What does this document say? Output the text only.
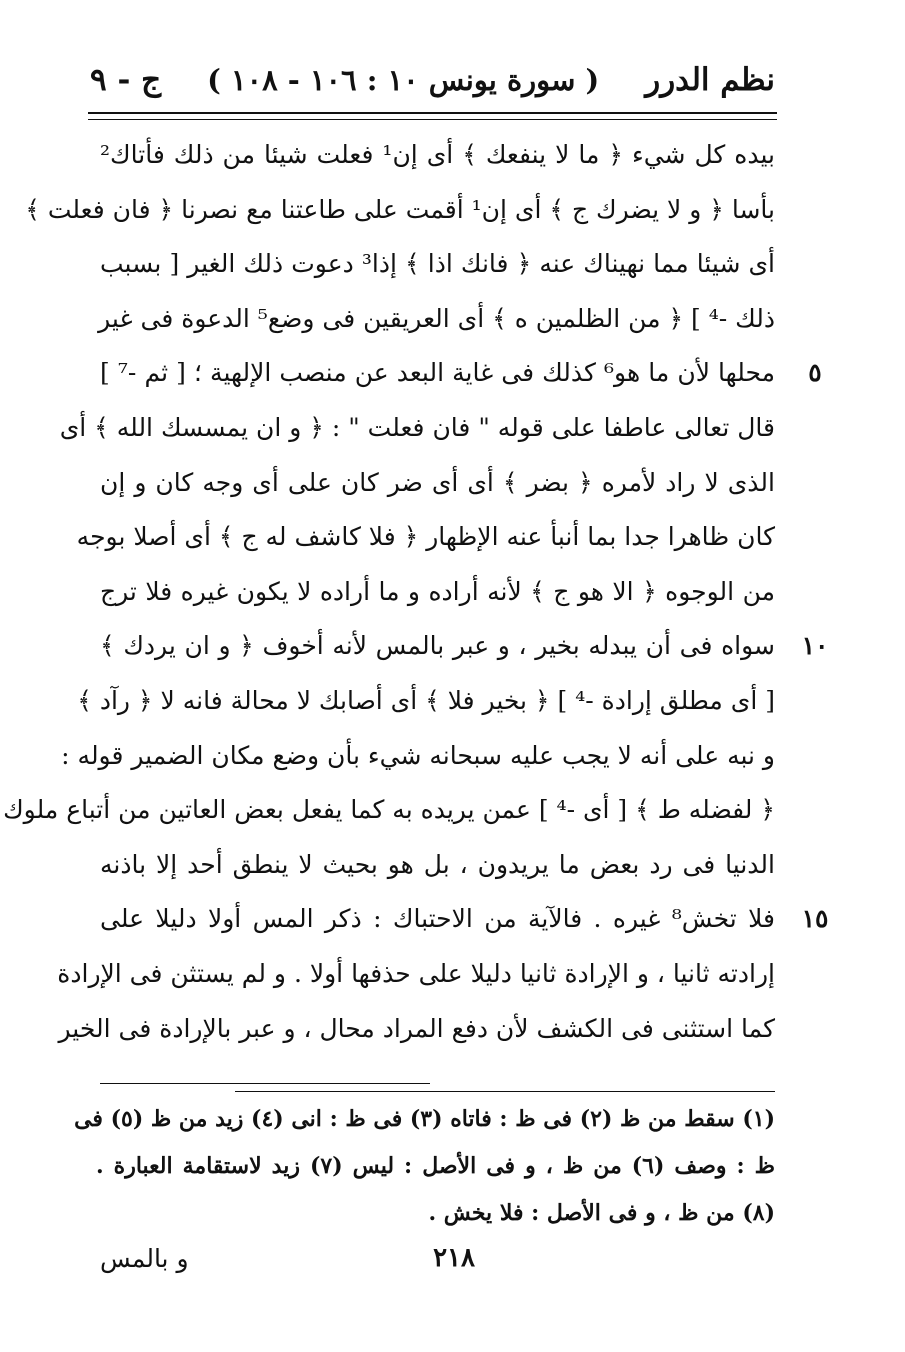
نظم الدرر
( سورة يونس ١٠ : ١٠٦ - ١٠٨ )
ج - ٩
بيده كل شيء ﴿ ما لا ينفعك ﴾ أى إن¹ فعلت شيئا من ذلك فأتاك²
بأسا ﴿ و لا يضرك ج ﴾ أى إن¹ أقمت على طاعتنا مع نصرنا ﴿ فان فعلت ﴾
أى شيئا مما نهيناك عنه ﴿ فانك اذا ﴾ إذا³ دعوت ذلك الغير [ بسبب
ذلك -⁴ ] ﴿ من الظلمين ه ﴾ أى العريقين فى وضع⁵ الدعوة فى غير
محلها لأن ما هو⁶ كذلك فى غاية البعد عن منصب الإلهية ؛ [ ثم -⁷ ]	٥
قال تعالى عاطفا على قوله " فان فعلت " : ﴿ و ان يمسسك الله ﴾ أى
الذى لا راد لأمره ﴿ بضر ﴾ أى أى ضر كان على أى وجه كان و إن
كان ظاهرا جدا بما أنبأ عنه الإظهار ﴿ فلا كاشف له ج ﴾ أى أصلا بوجه
من الوجوه ﴿ الا هو ج ﴾ لأنه أراده و ما أراده لا يكون غيره فلا ترج
سواه فى أن يبدله بخير ، و عبر بالمس لأنه أخوف ﴿ و ان يردك ﴾ ١٠
[ أى مطلق إرادة -⁴ ] ﴿ بخير فلا ﴾ أى أصابك لا محالة فانه لا ﴿ رآد ﴾
و نبه على أنه لا يجب عليه سبحانه شيء بأن وضع مكان الضمير قوله :
﴿ لفضله ط ﴾ [ أى -⁴ ] عمن يريده به كما يفعل بعض العاتين من أتباع ملوك
الدنيا فى رد بعض ما يريدون ، بل هو بحيث لا ينطق أحد إلا باذنه
فلا تخش⁸ غيره . فالآية من الاحتباك : ذكر المس أولا دليلا على ١٥
إرادته ثانيا ، و الإرادة ثانيا دليلا على حذفها أولا . و لم يستثن فى الإرادة
كما استثنى فى الكشف لأن دفع المراد محال ، و عبر بالإرادة فى الخير
(١) سقط من ظ (٢) فى ظ : فاتاه (٣) فى ظ : انى (٤) زيد من ظ (٥) فى
ظ : وصف (٦) من ظ ، و فى الأصل : ليس (٧) زيد لاستقامة العبارة .
(٨) من ظ ، و فى الأصل : فلا يخش .
و بالمس	٢١٨
